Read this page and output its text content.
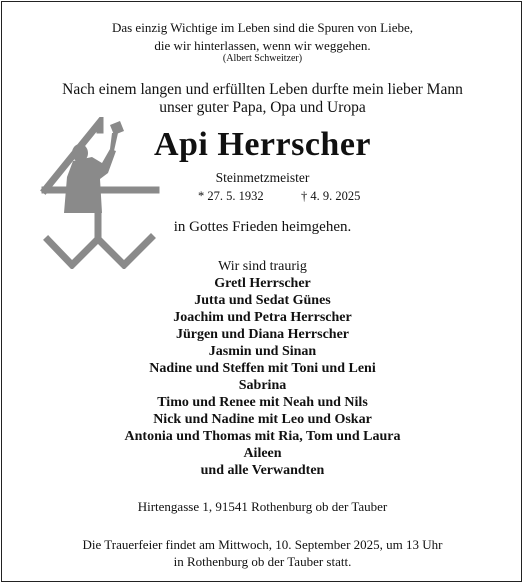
Das einzig Wichtige im Leben sind die Spuren von Liebe,
die wir hinterlassen, wenn wir weggehen.
(Albert Schweitzer)
Nach einem langen und erfüllten Leben durfte mein lieber Mann
unser guter Papa, Opa und Uropa
Api Herrscher
Steinmetzmeister
* 27. 5. 1932	† 4. 9. 2025
in Gottes Frieden heimgehen.
Wir sind traurig
Gretl Herrscher
Jutta und Sedat Günes
Joachim und Petra Herrscher
Jürgen und Diana Herrscher
Jasmin und Sinan
Nadine und Steffen mit Toni und Leni
Sabrina
Timo und Renee mit Neah und Nils
Nick und Nadine mit Leo und Oskar
Antonia und Thomas mit Ria, Tom und Laura
Aileen
und alle Verwandten
Hirtengasse 1, 91541 Rothenburg ob der Tauber
Die Trauerfeier findet am Mittwoch, 10. September 2025, um 13 Uhr
in Rothenburg ob der Tauber statt.
